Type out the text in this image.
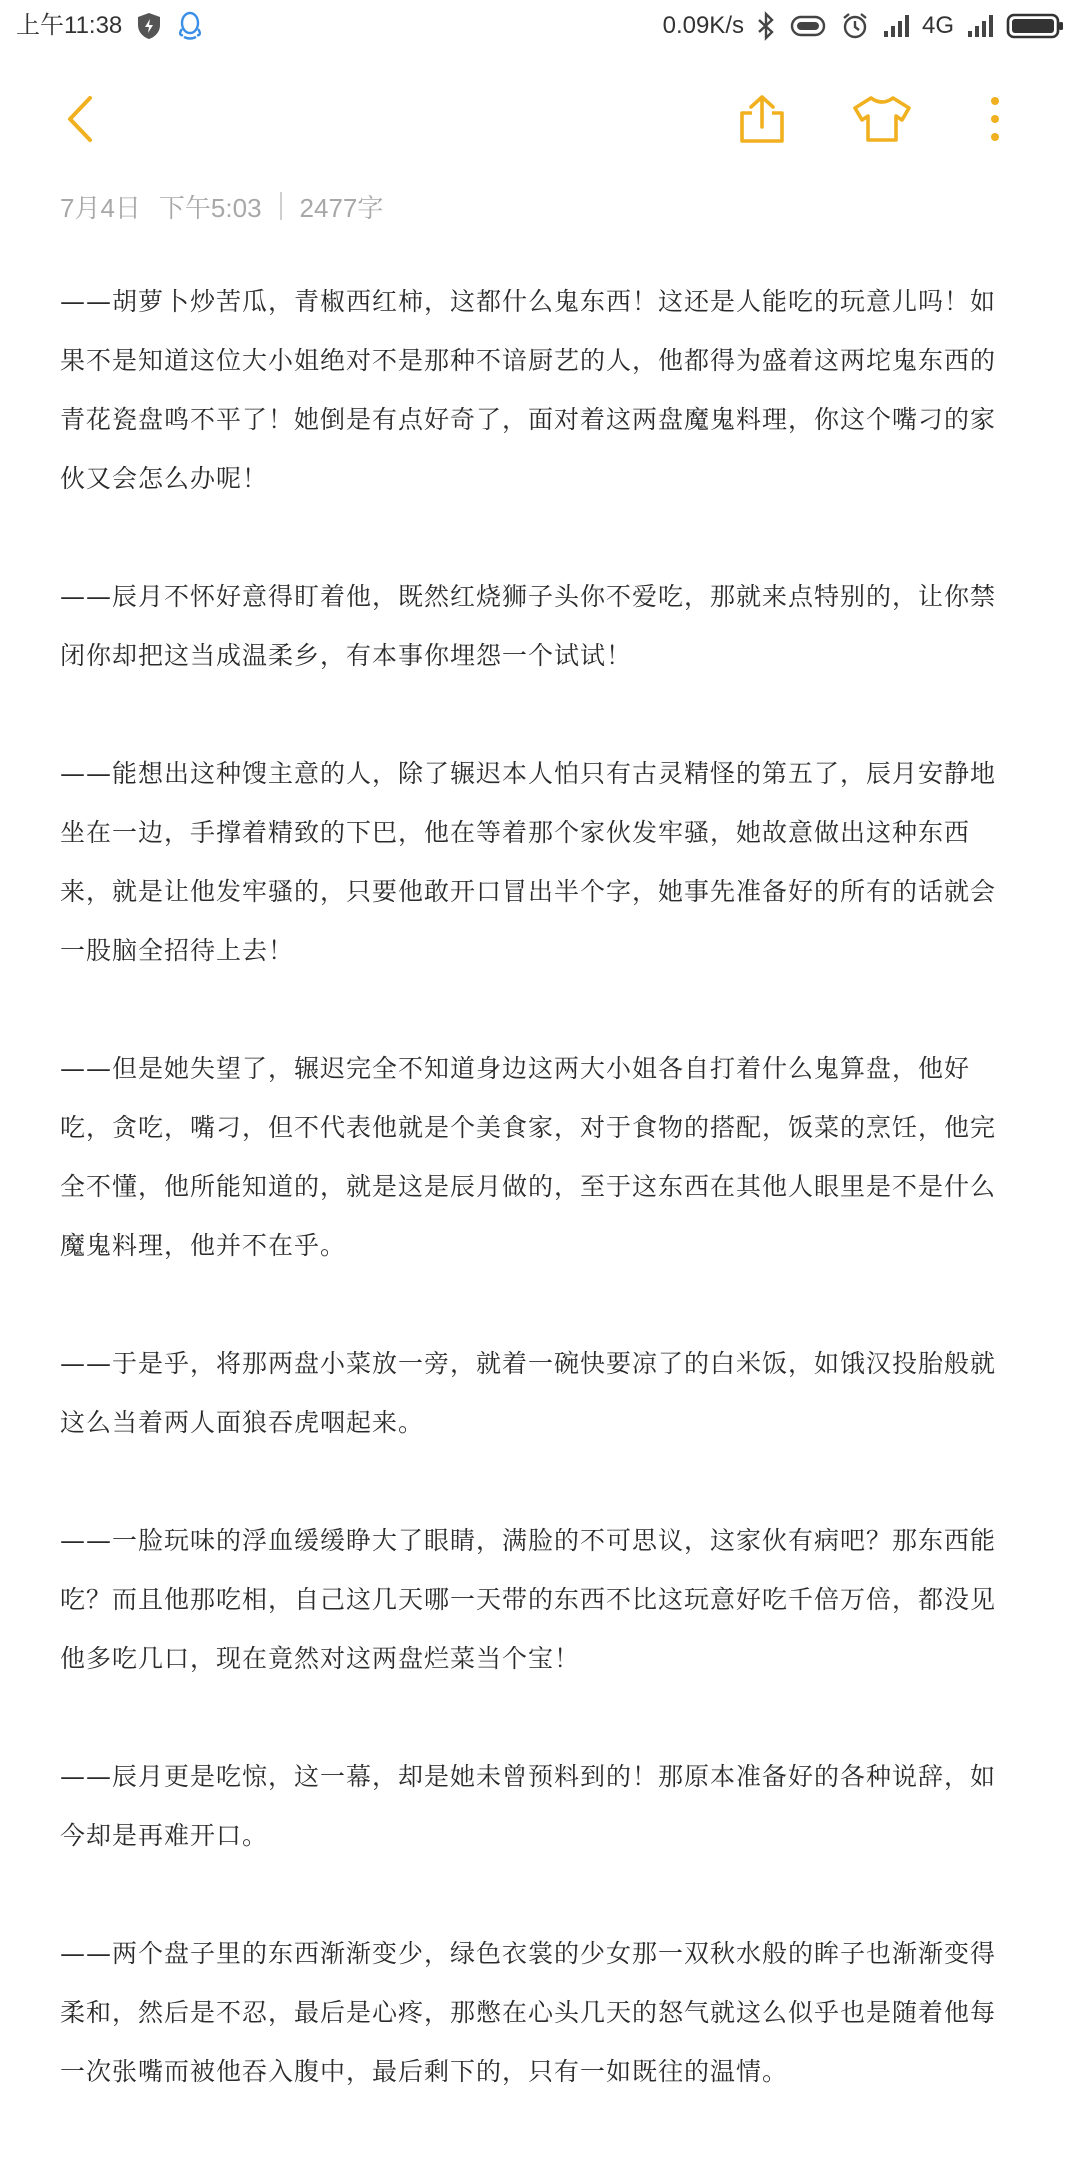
上午11:38	0.09K/s	4G
7月4日 下午5:03 2477字

——胡萝卜炒苦瓜，青椒西红柿，这都什么鬼东西！这还是人能吃的玩意儿吗！如果不是知道这位大小姐绝对不是那种不谙厨艺的人，他都得为盛着这两坨鬼东西的青花瓷盘鸣不平了！她倒是有点好奇了，面对着这两盘魔鬼料理，你这个嘴刁的家伙又会怎么办呢！

——辰月不怀好意得盯着他，既然红烧狮子头你不爱吃，那就来点特别的，让你禁闭你却把这当成温柔乡，有本事你埋怨一个试试！

——能想出这种馊主意的人，除了辗迟本人怕只有古灵精怪的第五了，辰月安静地坐在一边，手撑着精致的下巴，他在等着那个家伙发牢骚，她故意做出这种东西来，就是让他发牢骚的，只要他敢开口冒出半个字，她事先准备好的所有的话就会一股脑全招待上去！

——但是她失望了，辗迟完全不知道身边这两大小姐各自打着什么鬼算盘，他好吃，贪吃，嘴刁，但不代表他就是个美食家，对于食物的搭配，饭菜的烹饪，他完全不懂，他所能知道的，就是这是辰月做的，至于这东西在其他人眼里是不是什么魔鬼料理，他并不在乎。

——于是乎，将那两盘小菜放一旁，就着一碗快要凉了的白米饭，如饿汉投胎般就这么当着两人面狼吞虎咽起来。

——一脸玩味的浮血缓缓睁大了眼睛，满脸的不可思议，这家伙有病吧？那东西能吃？而且他那吃相，自己这几天哪一天带的东西不比这玩意好吃千倍万倍，都没见他多吃几口，现在竟然对这两盘烂菜当个宝！

——辰月更是吃惊，这一幕，却是她未曾预料到的！那原本准备好的各种说辞，如今却是再难开口。

——两个盘子里的东西渐渐变少，绿色衣裳的少女那一双秋水般的眸子也渐渐变得柔和，然后是不忍，最后是心疼，那憋在心头几天的怒气就这么似乎也是随着他每一次张嘴而被他吞入腹中，最后剩下的，只有一如既往的温情。
